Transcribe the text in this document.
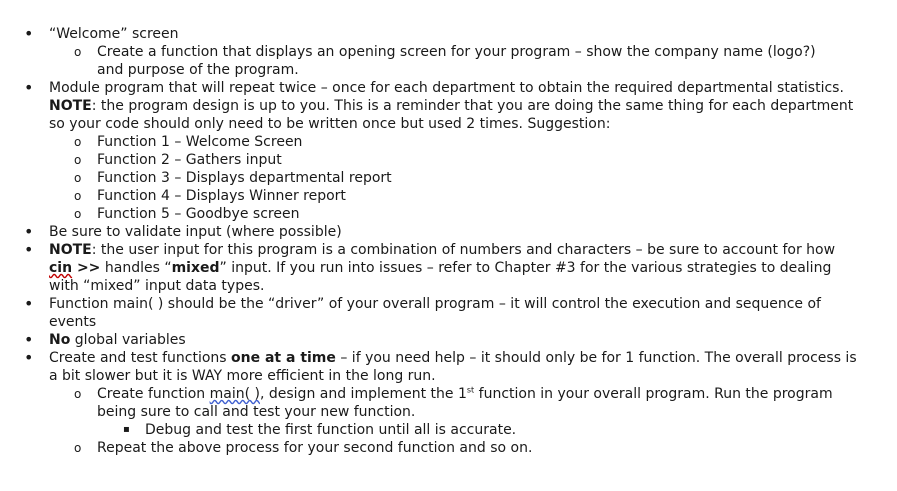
• “Welcome” screen
o Create a function that displays an opening screen for your program – show the company name (logo?) and purpose of the program.
• Module program that will repeat twice – once for each department to obtain the required departmental statistics. NOTE: the program design is up to you. This is a reminder that you are doing the same thing for each department so your code should only need to be written once but used 2 times. Suggestion:
o Function 1 – Welcome Screen
o Function 2 – Gathers input
o Function 3 – Displays departmental report
o Function 4 – Displays Winner report
o Function 5 – Goodbye screen
• Be sure to validate input (where possible)
• NOTE: the user input for this program is a combination of numbers and characters – be sure to account for how cin >> handles “mixed” input. If you run into issues – refer to Chapter #3 for the various strategies to dealing with “mixed” input data types.
• Function main( ) should be the “driver” of your overall program – it will control the execution and sequence of events
• No global variables
• Create and test functions one at a time – if you need help – it should only be for 1 function. The overall process is a bit slower but it is WAY more efficient in the long run.
o Create function main( ), design and implement the 1st function in your overall program. Run the program being sure to call and test your new function.
▪ Debug and test the first function until all is accurate.
o Repeat the above process for your second function and so on.
